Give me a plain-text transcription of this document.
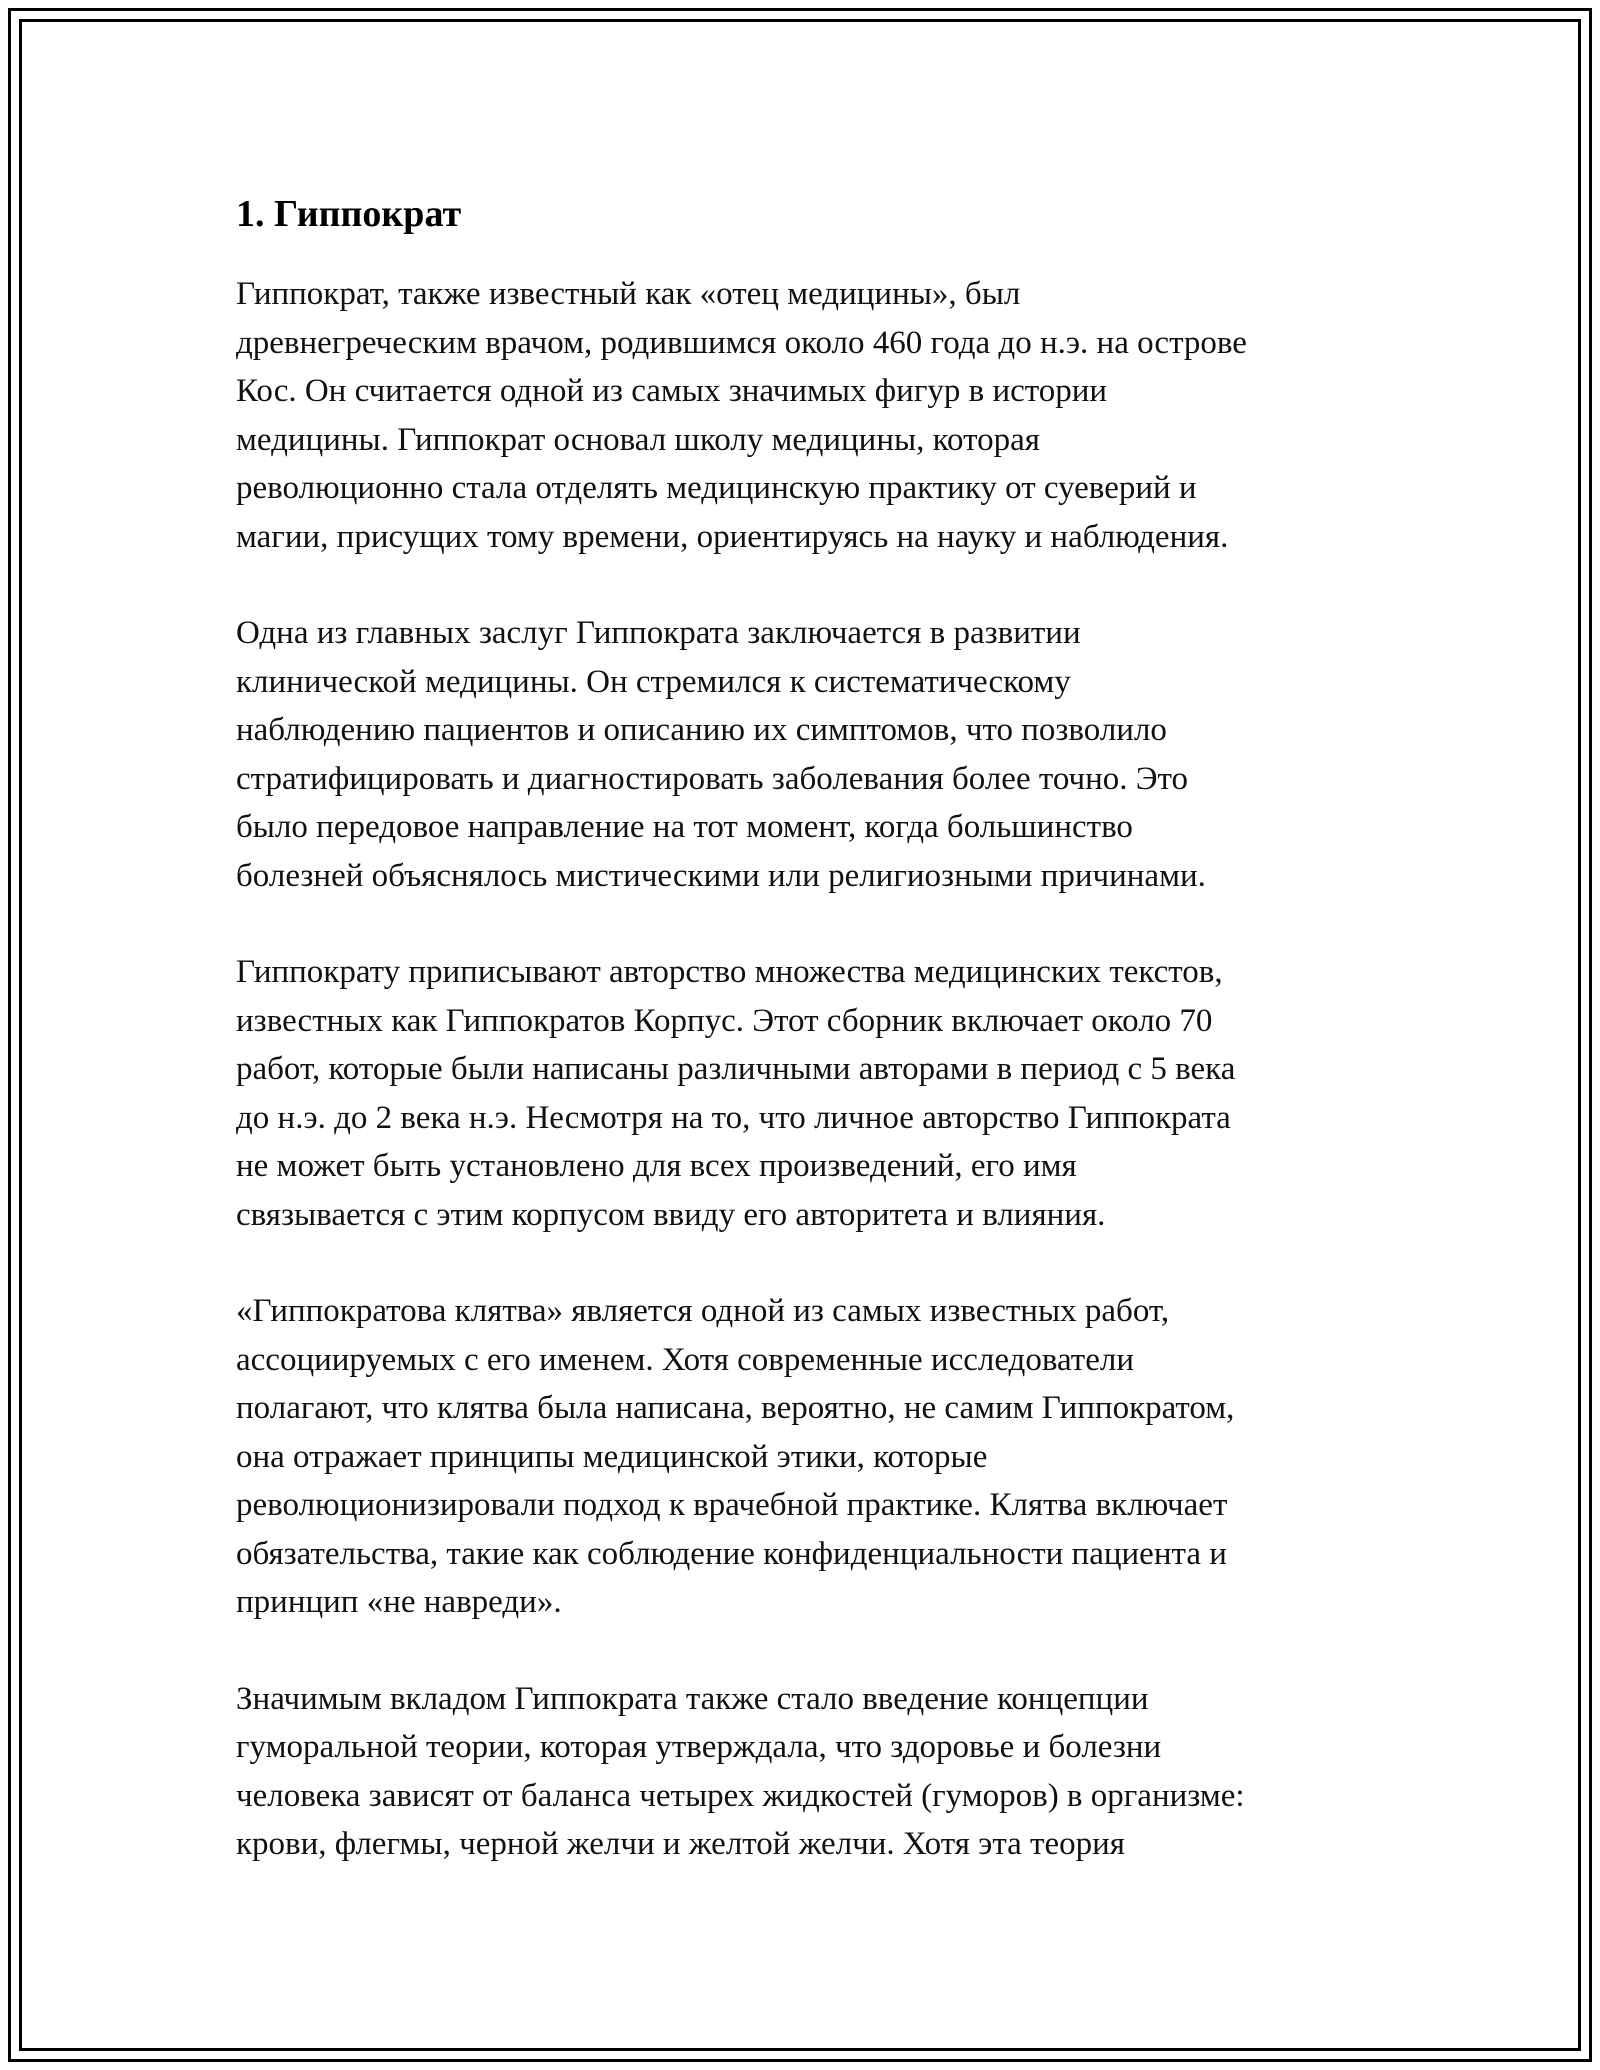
1. Гиппократ

Гиппократ, также известный как «отец медицины», был
древнегреческим врачом, родившимся около 460 года до н.э. на острове
Кос. Он считается одной из самых значимых фигур в истории
медицины. Гиппократ основал школу медицины, которая
революционно стала отделять медицинскую практику от суеверий и
магии, присущих тому времени, ориентируясь на науку и наблюдения.

Одна из главных заслуг Гиппократа заключается в развитии
клинической медицины. Он стремился к систематическому
наблюдению пациентов и описанию их симптомов, что позволило
стратифицировать и диагностировать заболевания более точно. Это
было передовое направление на тот момент, когда большинство
болезней объяснялось мистическими или религиозными причинами.

Гиппократу приписывают авторство множества медицинских текстов,
известных как Гиппократов Корпус. Этот сборник включает около 70
работ, которые были написаны различными авторами в период с 5 века
до н.э. до 2 века н.э. Несмотря на то, что личное авторство Гиппократа
не может быть установлено для всех произведений, его имя
связывается с этим корпусом ввиду его авторитета и влияния.

«Гиппократова клятва» является одной из самых известных работ,
ассоциируемых с его именем. Хотя современные исследователи
полагают, что клятва была написана, вероятно, не самим Гиппократом,
она отражает принципы медицинской этики, которые
революционизировали подход к врачебной практике. Клятва включает
обязательства, такие как соблюдение конфиденциальности пациента и
принцип «не навреди».

Значимым вкладом Гиппократа также стало введение концепции
гуморальной теории, которая утверждала, что здоровье и болезни
человека зависят от баланса четырех жидкостей (гуморов) в организме:
крови, флегмы, черной желчи и желтой желчи. Хотя эта теория
